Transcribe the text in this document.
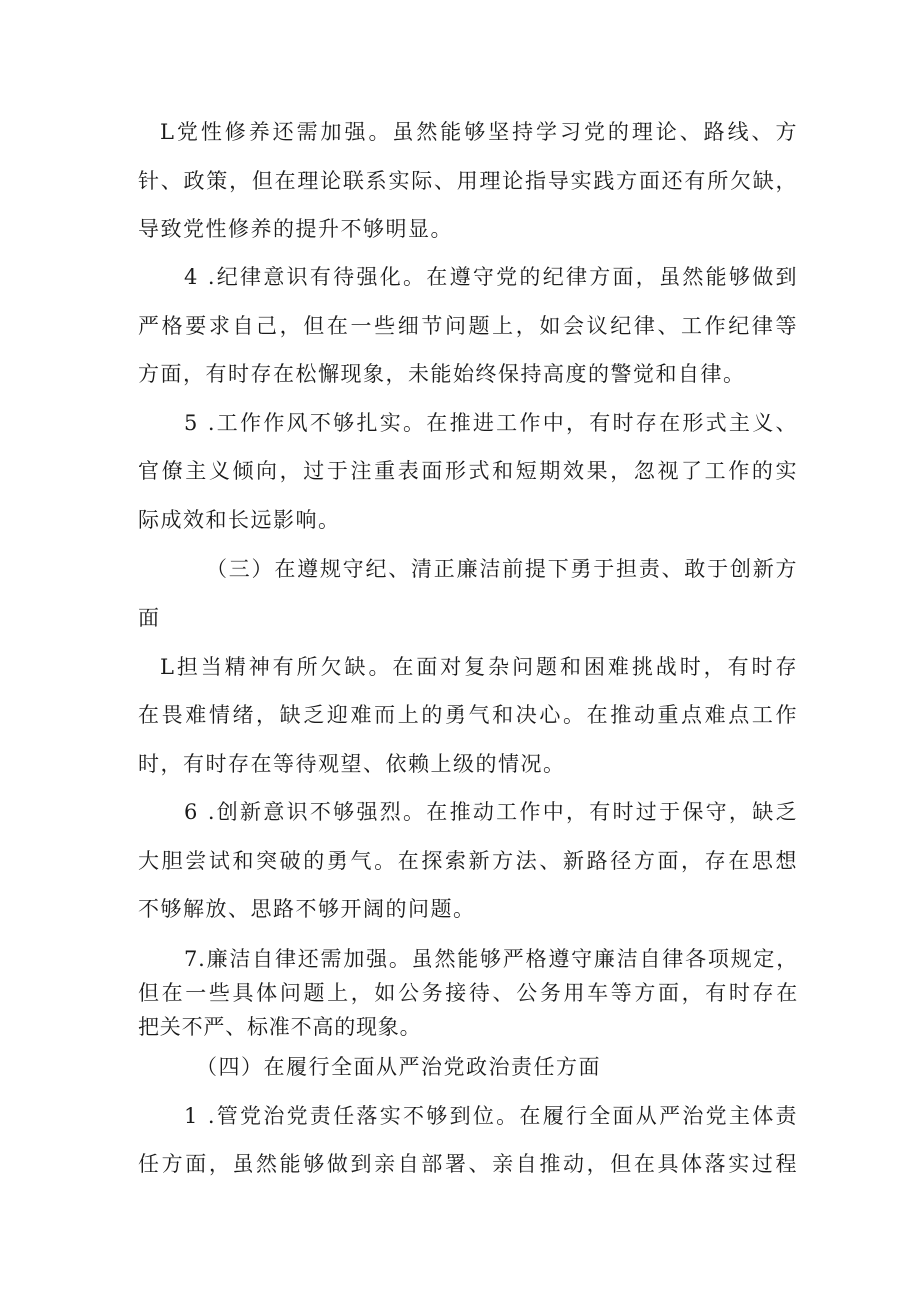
L党性修养还需加强。虽然能够坚持学习党的理论、路线、方
针、政策，但在理论联系实际、用理论指导实践方面还有所欠缺，
导致党性修养的提升不够明显。
4 .纪律意识有待强化。在遵守党的纪律方面，虽然能够做到
严格要求自己，但在一些细节问题上，如会议纪律、工作纪律等
方面，有时存在松懈现象，未能始终保持高度的警觉和自律。
5 .工作作风不够扎实。在推进工作中，有时存在形式主义、
官僚主义倾向，过于注重表面形式和短期效果，忽视了工作的实
际成效和长远影响。
（三）在遵规守纪、清正廉洁前提下勇于担责、敢于创新方
面
L担当精神有所欠缺。在面对复杂问题和困难挑战时，有时存
在畏难情绪，缺乏迎难而上的勇气和决心。在推动重点难点工作
时，有时存在等待观望、依赖上级的情况。
6 .创新意识不够强烈。在推动工作中，有时过于保守，缺乏
大胆尝试和突破的勇气。在探索新方法、新路径方面，存在思想
不够解放、思路不够开阔的问题。
7.廉洁自律还需加强。虽然能够严格遵守廉洁自律各项规定，
但在一些具体问题上，如公务接待、公务用车等方面，有时存在
把关不严、标准不高的现象。
（四）在履行全面从严治党政治责任方面
1 .管党治党责任落实不够到位。在履行全面从严治党主体责
任方面，虽然能够做到亲自部署、亲自推动，但在具体落实过程
